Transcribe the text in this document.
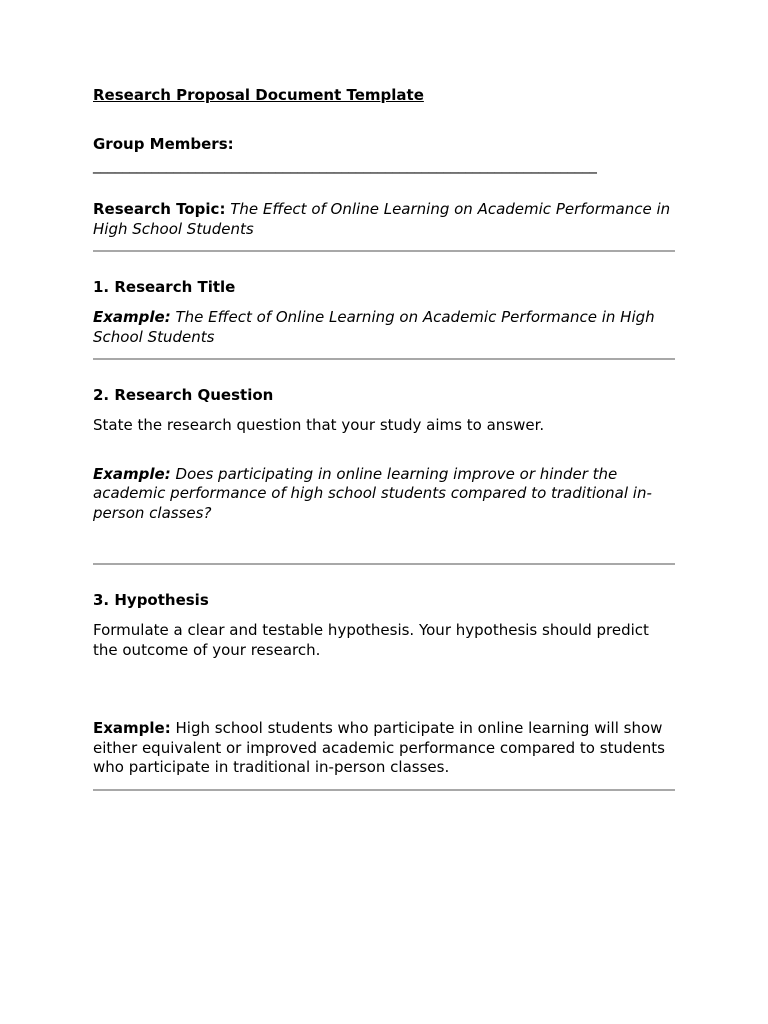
Research Proposal Document Template
Group Members:
_____________________________________________________________________
Research Topic: The Effect of Online Learning on Academic Performance in High School Students
1. Research Title
Example: The Effect of Online Learning on Academic Performance in High School Students
2. Research Question
State the research question that your study aims to answer.
Example: Does participating in online learning improve or hinder the academic performance of high school students compared to traditional in-person classes?
3. Hypothesis
Formulate a clear and testable hypothesis. Your hypothesis should predict the outcome of your research.
Example: High school students who participate in online learning will show either equivalent or improved academic performance compared to students who participate in traditional in-person classes.
